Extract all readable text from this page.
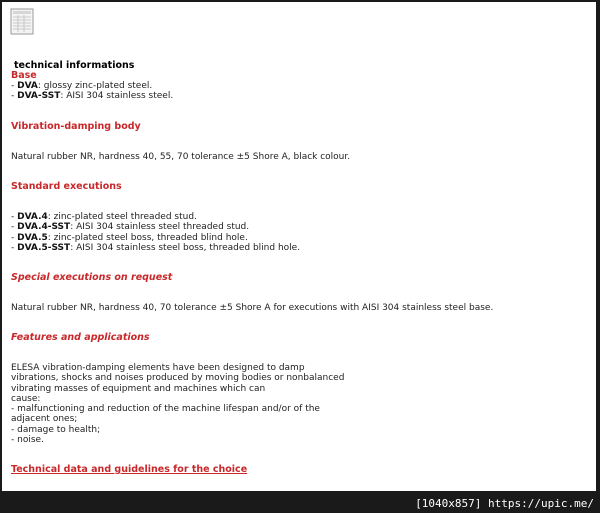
technical informations
Base
- DVA: glossy zinc-plated steel.
- DVA-SST: AISI 304 stainless steel.
Vibration-damping body
Natural rubber NR, hardness 40, 55, 70 tolerance ±5 Shore A, black colour.
Standard executions
- DVA.4: zinc-plated steel threaded stud.
- DVA.4-SST: AISI 304 stainless steel threaded stud.
- DVA.5: zinc-plated steel boss, threaded blind hole.
- DVA.5-SST: AISI 304 stainless steel boss, threaded blind hole.
Special executions on request
Natural rubber NR, hardness 40, 70 tolerance ±5 Shore A for executions with AISI 304 stainless steel base.
Features and applications
ELESA vibration-damping elements have been designed to damp
vibrations, shocks and noises produced by moving bodies or nonbalanced
vibrating masses of equipment and machines which can
cause:
- malfunctioning and reduction of the machine lifespan and/or of the
adjacent ones;
- damage to health;
- noise.
Technical data and guidelines for the choice
[1040x857] https://upic.me/
